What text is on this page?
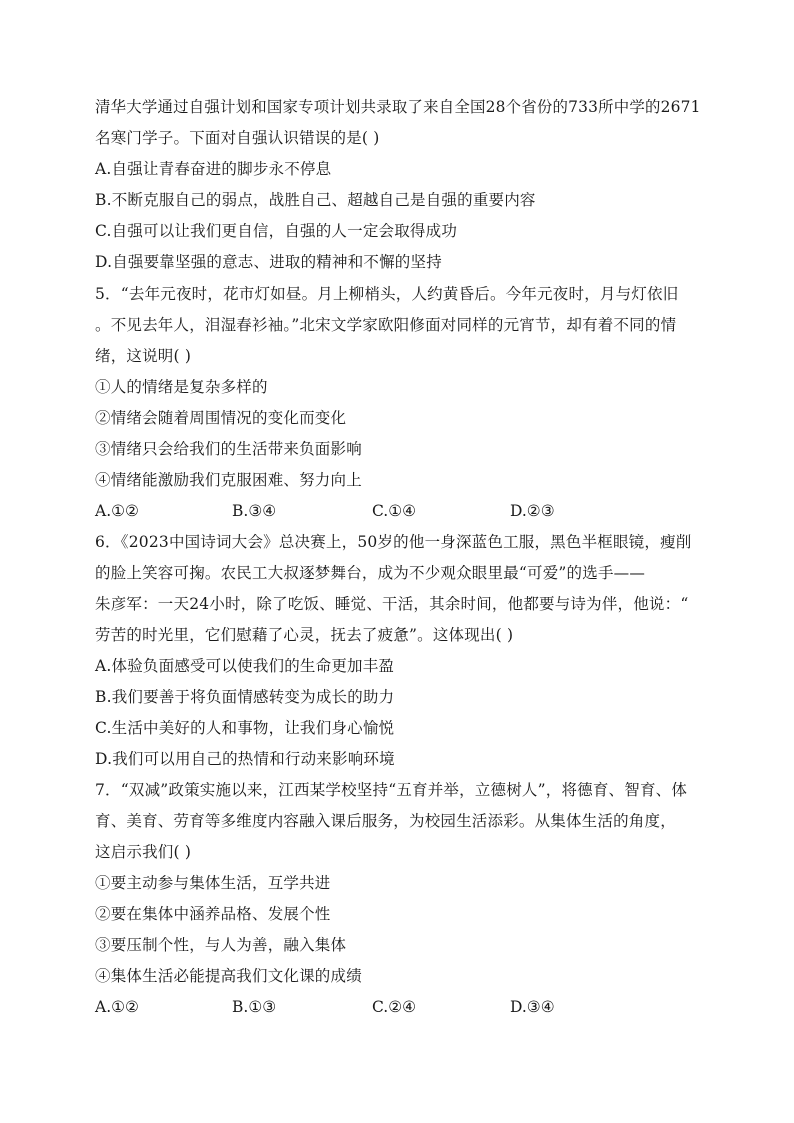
清华大学通过自强计划和国家专项计划共录取了来自全国28个省份的733所中学的2671
名寒门学子。下面对自强认识错误的是( )
A.自强让青春奋进的脚步永不停息
B.不断克服自己的弱点，战胜自己、超越自己是自强的重要内容
C.自强可以让我们更自信，自强的人一定会取得成功
D.自强要靠坚强的意志、进取的精神和不懈的坚持
5．“去年元夜时，花市灯如昼。月上柳梢头，人约黄昏后。今年元夜时，月与灯依旧
。不见去年人，泪湿春衫袖。”北宋文学家欧阳修面对同样的元宵节，却有着不同的情
绪，这说明( )
①人的情绪是复杂多样的
②情绪会随着周围情况的变化而变化
③情绪只会给我们的生活带来负面影响
④情绪能激励我们克服困难、努力向上
A.①②	B.③④	C.①④	D.②③
6．《2023中国诗词大会》总决赛上，50岁的他一身深蓝色工服，黑色半框眼镜，瘦削
的脸上笑容可掬。农民工大叔逐梦舞台，成为不少观众眼里最“可爱”的选手——
朱彦军：一天24小时，除了吃饭、睡觉、干活，其余时间，他都要与诗为伴，他说：“
劳苦的时光里，它们慰藉了心灵，抚去了疲惫”。这体现出( )
A.体验负面感受可以使我们的生命更加丰盈
B.我们要善于将负面情感转变为成长的助力
C.生活中美好的人和事物，让我们身心愉悦
D.我们可以用自己的热情和行动来影响环境
7．“双减”政策实施以来，江西某学校坚持“五育并举，立德树人”，将德育、智育、体
育、美育、劳育等多维度内容融入课后服务，为校园生活添彩。从集体生活的角度，
这启示我们( )
①要主动参与集体生活，互学共进
②要在集体中涵养品格、发展个性
③要压制个性，与人为善，融入集体
④集体生活必能提高我们文化课的成绩
A.①②	B.①③	C.②④	D.③④
